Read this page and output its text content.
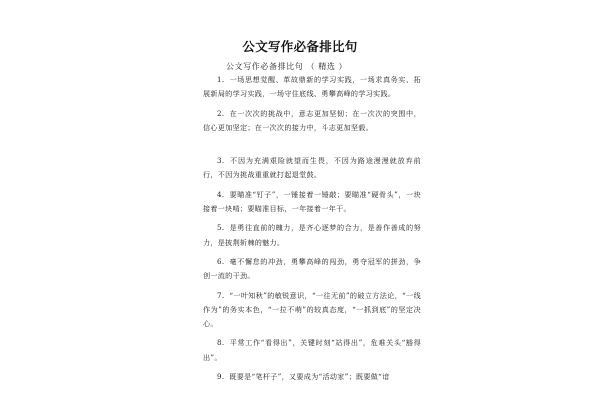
公文写作必备排比句
公文写作必备排比句 （ 精选 ）

1. 一场思想觉醒、革故鼎新的学习实践，一场求真务实、拓展新局的学习实践，一场守住底线、勇攀高峰的学习实践。

2. 在一次次的挑战中，意志更加坚韧；在一次次的突围中，信心更加坚定；在一次次的接力中，斗志更加坚毅。

3. 不因为充满艰险就望而生畏，不因为路途漫漫就放弃前行，不因为挑战重重就打起退堂鼓。

4. 要瞄准“钉子”，一锤接着一锤敲；要瞄准“硬骨头”，一块接着一块啃；要瞄准目标，一年接着一年干。

5. 是勇往直前的魄力，是齐心逐梦的合力，是善作善成的努力，是披荆斩棘的魅力。

6. 毫不懈怠的冲劲，勇攀高峰的闯劲，勇夺冠军的拼劲，争创一流的干劲。

7. “一叶知秋”的敏锐意识，“一往无前”的破立方法论，“一线作为”的务实本色，“一拉不萌”的较真态度，“一抓到底”的坚定决心。

8. 平常工作“看得出”，关键时刻“站得出”，危难关头“豁得出”。

9. 既要是“笔杆子”，又要成为“活动家”；既要做“谙
